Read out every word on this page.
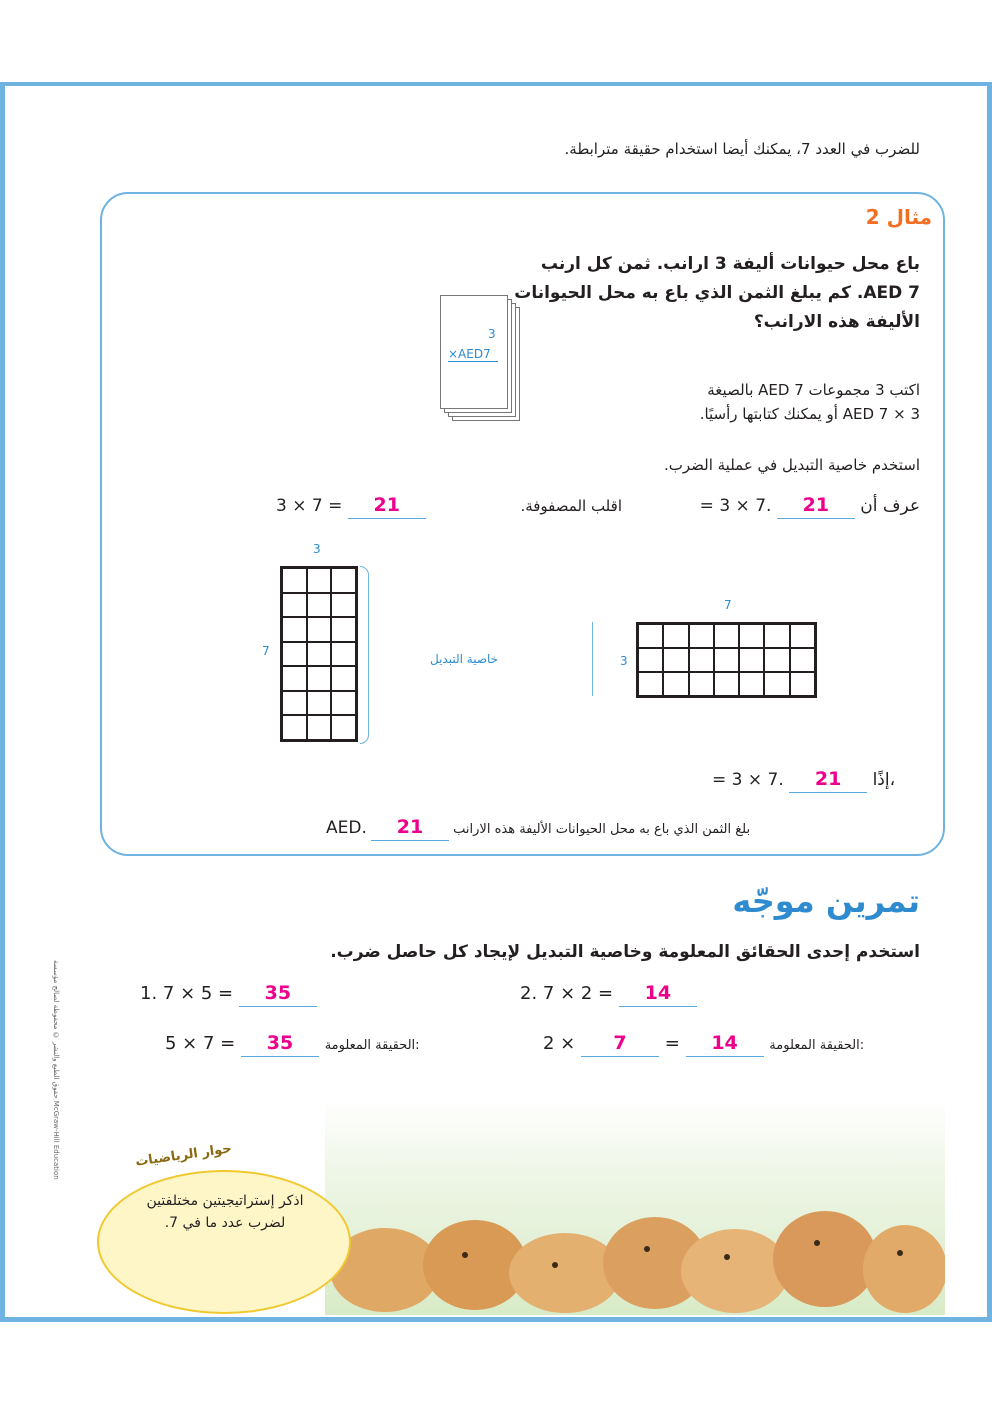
للضرب في العدد 7، يمكنك أيضا استخدام حقيقة مترابطة.
مثال 2
باع محل حيوانات أليفة 3 ارانب. ثمن كل ارنب AED 7. كم يبلغ الثمن الذي باع به محل الحيوانات الأليفة هذه الارانب؟
3
×AED7
اكتب 3 مجموعات AED 7 بالصيغة
AED 7 × 3 أو يمكنك كتابتها رأسيًا.
استخدم خاصية التبديل في عملية الضرب.
= 3 × 7. 21 عرف أن
اقلب المصفوفة.
3 × 7 = 21
3
7
خاصية التبديل
7
3
= 3 × 7. 21 إذًا،
AED. 21 بلغ الثمن الذي باع به محل الحيوانات الأليفة هذه الارانب
تمرين موجّه
استخدم إحدى الحقائق المعلومة وخاصية التبديل لإيجاد كل حاصل ضرب.
1. 7 × 5 = 35	2. 7 × 2 = 14
5 × 7 = 35 الحقيقة المعلومة:	2 × 7 = 14 الحقيقة المعلومة:
حوار الرياضيات
اذكر إستراتيجيتين مختلفتين لضرب عدد ما في 7.
حقوق الطبع والنشر © محفوظة لصالح مؤسسة McGraw-Hill Education
